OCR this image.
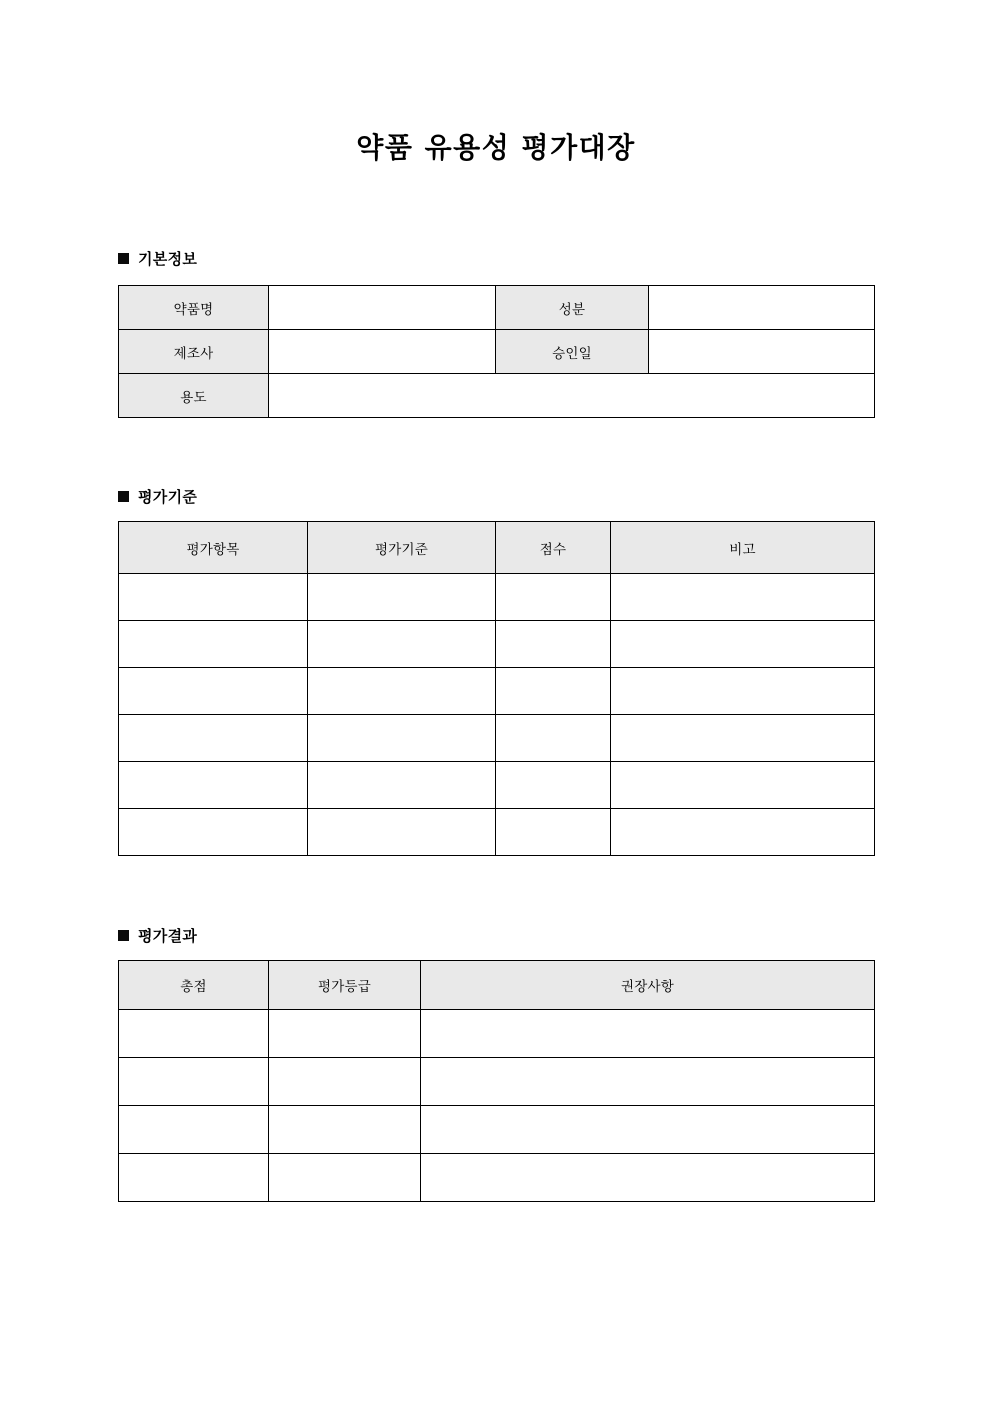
약품 유용성 평가대장
기본정보
약품명		성분	
제조사		승인일	
용도			
평가기준
평가항목	평가기준	점수	비고

평가결과
총점	평가등급	권장사항
